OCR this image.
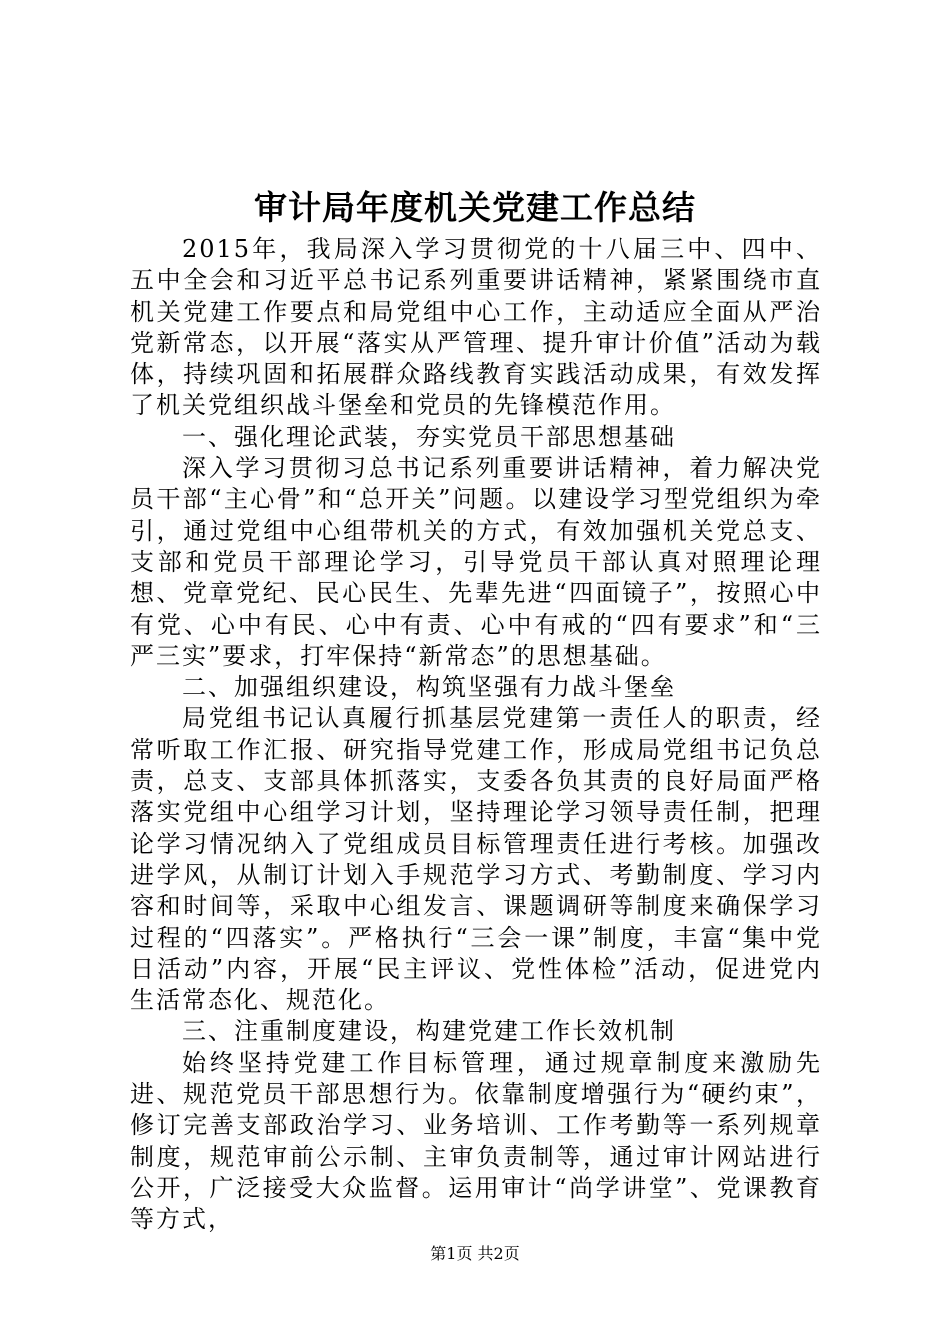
审计局年度机关党建工作总结

2015年，我局深入学习贯彻党的十八届三中、四中、五中全会和习近平总书记系列重要讲话精神，紧紧围绕市直机关党建工作要点和局党组中心工作，主动适应全面从严治党新常态，以开展“落实从严管理、提升审计价值”活动为载体，持续巩固和拓展群众路线教育实践活动成果，有效发挥了机关党组织战斗堡垒和党员的先锋模范作用。

一、强化理论武装，夯实党员干部思想基础

深入学习贯彻习总书记系列重要讲话精神，着力解决党员干部“主心骨”和“总开关”问题。以建设学习型党组织为牵引，通过党组中心组带机关的方式，有效加强机关党总支、支部和党员干部理论学习，引导党员干部认真对照理论理想、党章党纪、民心民生、先辈先进“四面镜子”，按照心中有党、心中有民、心中有责、心中有戒的“四有要求”和“三严三实”要求，打牢保持“新常态”的思想基础。

二、加强组织建设，构筑坚强有力战斗堡垒

局党组书记认真履行抓基层党建第一责任人的职责，经常听取工作汇报、研究指导党建工作，形成局党组书记负总责，总支、支部具体抓落实，支委各负其责的良好局面严格落实党组中心组学习计划，坚持理论学习领导责任制，把理论学习情况纳入了党组成员目标管理责任进行考核。加强改进学风，从制订计划入手规范学习方式、考勤制度、学习内容和时间等，采取中心组发言、课题调研等制度来确保学习过程的“四落实”。严格执行“三会一课”制度，丰富“集中党日活动”内容，开展“民主评议、党性体检”活动，促进党内生活常态化、规范化。

三、注重制度建设，构建党建工作长效机制

始终坚持党建工作目标管理，通过规章制度来激励先进、规范党员干部思想行为。依靠制度增强行为“硬约束”，修订完善支部政治学习、业务培训、工作考勤等一系列规章制度，规范审前公示制、主审负责制等，通过审计网站进行公开，广泛接受大众监督。运用审计“尚学讲堂”、党课教育等方式，

第1页 共2页
